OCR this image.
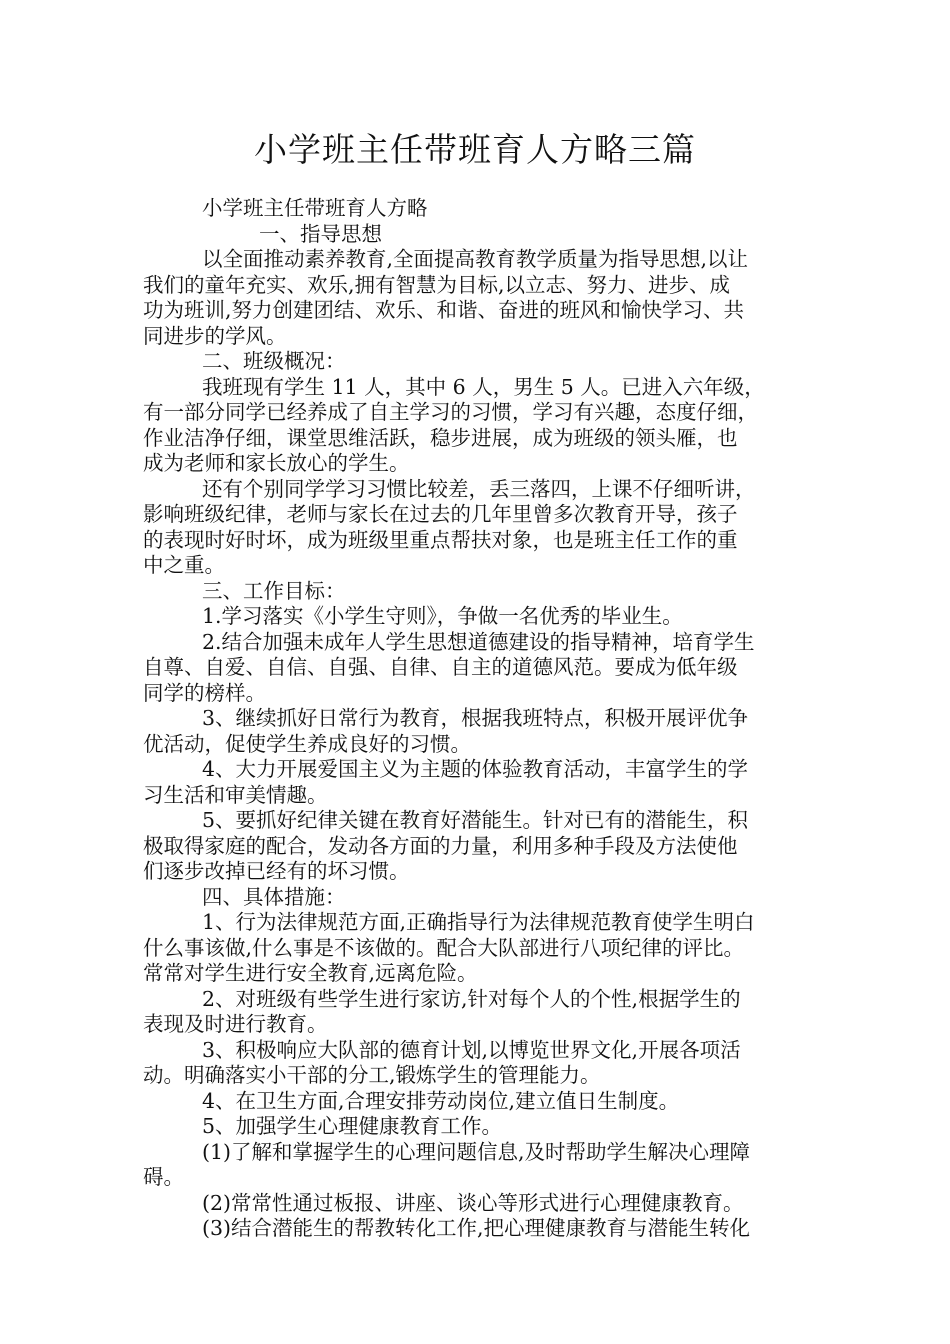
小学班主任带班育人方略三篇
小学班主任带班育人方略
一、指导思想
以全面推动素养教育,全面提高教育教学质量为指导思想,以让
我们的童年充实、欢乐,拥有智慧为目标,以立志、努力、进步、成
功为班训,努力创建团结、欢乐、和谐、奋进的班风和愉快学习、共
同进步的学风。
二、班级概况：
我班现有学生 11 人，其中 6 人，男生 5 人。已进入六年级，
有一部分同学已经养成了自主学习的习惯，学习有兴趣，态度仔细，
作业洁净仔细，课堂思维活跃，稳步进展，成为班级的领头雁，也
成为老师和家长放心的学生。
还有个别同学学习习惯比较差，丢三落四，上课不仔细听讲，
影响班级纪律，老师与家长在过去的几年里曾多次教育开导，孩子
的表现时好时坏，成为班级里重点帮扶对象，也是班主任工作的重
中之重。
三、工作目标：
1.学习落实《小学生守则》，争做一名优秀的毕业生。
2.结合加强未成年人学生思想道德建设的指导精神，培育学生
自尊、自爱、自信、自强、自律、自主的道德风范。要成为低年级
同学的榜样。
3、继续抓好日常行为教育，根据我班特点，积极开展评优争
优活动，促使学生养成良好的习惯。
4、大力开展爱国主义为主题的体验教育活动，丰富学生的学
习生活和审美情趣。
5、要抓好纪律关键在教育好潜能生。针对已有的潜能生，积
极取得家庭的配合，发动各方面的力量，利用多种手段及方法使他
们逐步改掉已经有的坏习惯。
四、具体措施：
1、行为法律规范方面,正确指导行为法律规范教育使学生明白
什么事该做,什么事是不该做的。配合大队部进行八项纪律的评比。
常常对学生进行安全教育,远离危险。
2、对班级有些学生进行家访,针对每个人的个性,根据学生的
表现及时进行教育。
3、积极响应大队部的德育计划,以博览世界文化,开展各项活
动。明确落实小干部的分工,锻炼学生的管理能力。
4、在卫生方面,合理安排劳动岗位,建立值日生制度。
5、加强学生心理健康教育工作。
(1)了解和掌握学生的心理问题信息,及时帮助学生解决心理障
碍。
(2)常常性通过板报、讲座、谈心等形式进行心理健康教育。
(3)结合潜能生的帮教转化工作,把心理健康教育与潜能生转化
